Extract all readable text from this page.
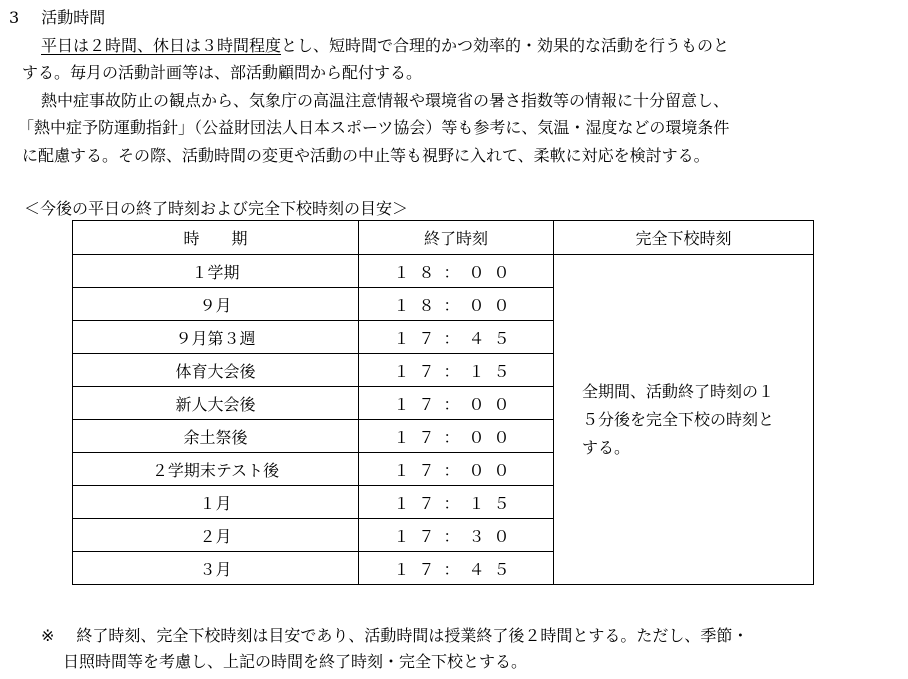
3 活動時間
平日は２時間、休日は３時間程度とし、短時間で合理的かつ効率的・効果的な活動を行うものと
する。毎月の活動計画等は、部活動顧問から配付する。
熱中症事故防止の観点から、気象庁の高温注意情報や環境省の暑さ指数等の情報に十分留意し、
「熱中症予防運動指針」（公益財団法人日本スポーツ協会）等も参考に、気温・湿度などの環境条件
に配慮する。その際、活動時間の変更や活動の中止等も視野に入れて、柔軟に対応を検討する。
＜今後の平日の終了時刻および完全下校時刻の目安＞
時　　期	終了時刻	完全下校時刻
１学期	１８：００	全期間、活動終了時刻の１５分後を完全下校の時刻とする。
９月	１８：００	
９月第３週	１７：４５	
体育大会後	１７：１５	
新人大会後	１７：００	
余土祭後	１７：００	
２学期末テスト後	１７：００	
１月	１７：１５	
２月	１７：３０	
３月	１７：４５	
※ 終了時刻、完全下校時刻は目安であり、活動時間は授業終了後２時間とする。ただし、季節・
日照時間等を考慮し、上記の時間を終了時刻・完全下校とする。
